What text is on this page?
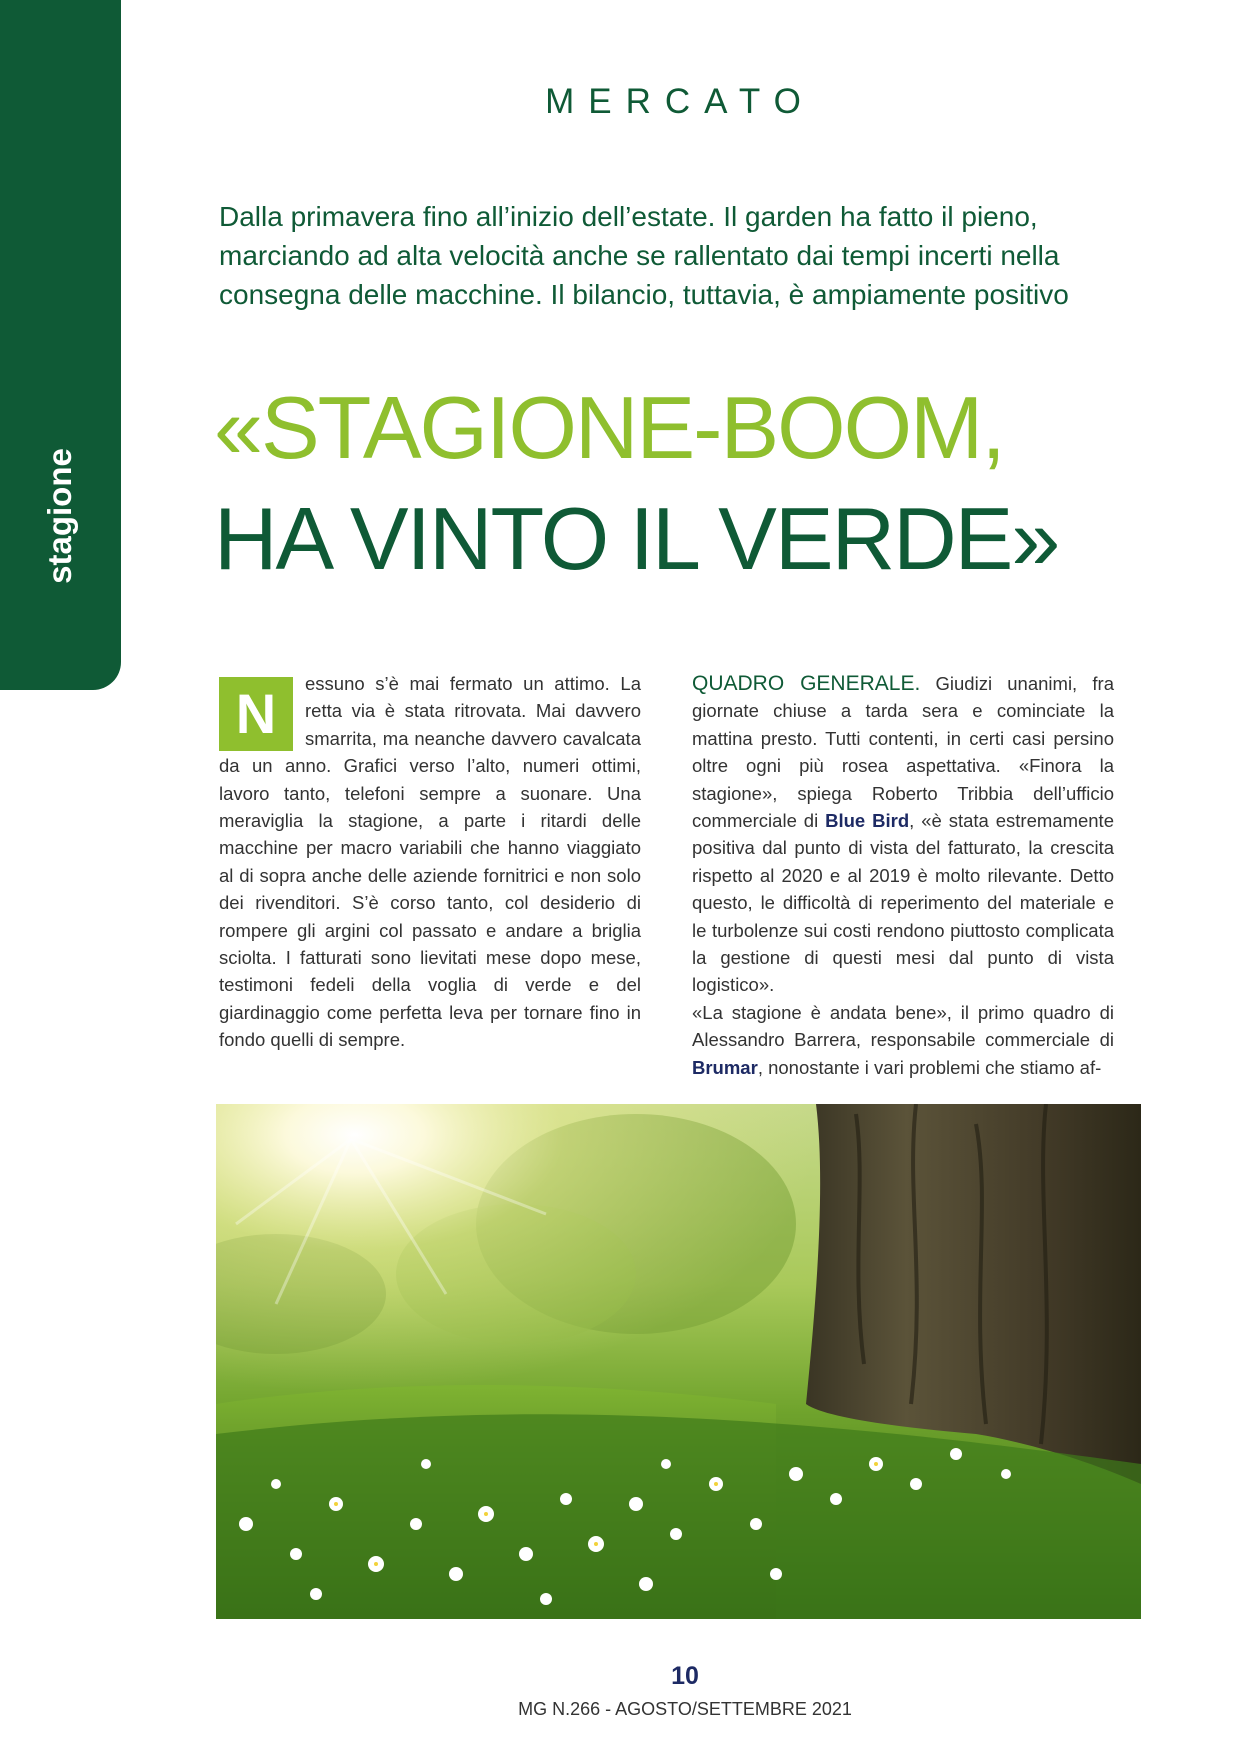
stagione
MERCATO

Dalla primavera fino all’inizio dell’estate. Il garden ha fatto il pieno, marciando ad alta velocità anche se rallentato dai tempi incerti nella consegna delle macchine. Il bilancio, tuttavia, è ampiamente positivo

«STAGIONE-BOOM,
HA VINTO IL VERDE»
N	essuno s’è mai fermato un attimo. La retta via è stata ritrovata. Mai davvero smarrita, ma neanche davvero cavalcata da un anno. Grafici verso l’alto, numeri ottimi, lavoro tanto, telefoni sempre a suonare. Una meraviglia la stagione, a parte i ritardi delle macchine per macro variabili che hanno viaggiato al di sopra anche delle aziende fornitrici e non solo dei rivenditori. S’è corso tanto, col desiderio di rompere gli argini col passato e andare a briglia sciolta. I fatturati sono lievitati mese dopo mese, testimoni fedeli della voglia di verde e del giardinaggio come perfetta leva per tornare fino in fondo quelli di sempre.

QUADRO GENERALE. Giudizi unanimi, fra giornate chiuse a tarda sera e cominciate la mattina presto. Tutti contenti, in certi casi persino oltre ogni più rosea aspettativa. «Finora la stagione», spiega Roberto Tribbia dell’ufficio commerciale di Blue Bird, «è stata estremamente positiva dal punto di vista del fatturato, la crescita rispetto al 2020 e al 2019 è molto rilevante. Detto questo, le difficoltà di reperimento del materiale e le turbolenze sui costi rendono piuttosto complicata la gestione di questi mesi dal punto di vista logistico».

«La stagione è andata bene», il primo quadro di Alessandro Barrera, responsabile commerciale di Brumar, nonostante i vari problemi che stiamo af-

10
MG N.266 - AGOSTO/SETTEMBRE 2021
